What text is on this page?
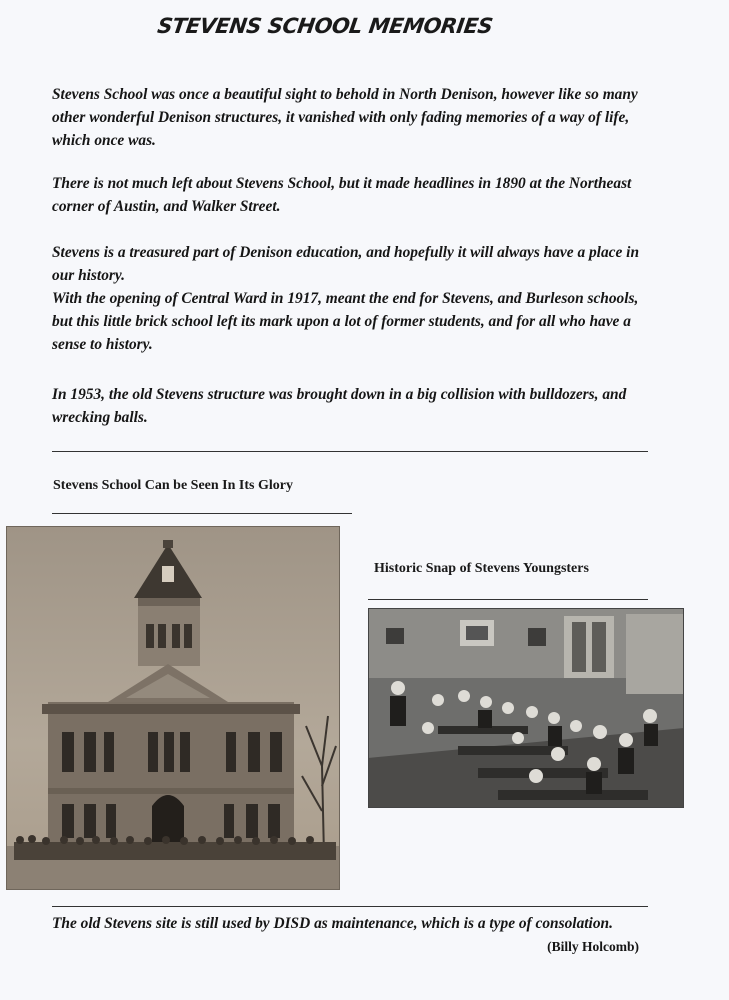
STEVENS SCHOOL MEMORIES

Stevens School was once a beautiful sight to behold in North Denison, however like so many other wonderful Denison structures, it vanished with only fading memories of a way of life, which once was.

There is not much left about Stevens School, but it made headlines in 1890 at the Northeast corner of Austin, and Walker Street.

Stevens is a treasured part of Denison education, and hopefully it will always have a place in our history.

With the opening of Central Ward in 1917, meant the end for Stevens, and Burleson schools, but this little brick school left its mark upon a lot of former students, and for all who have a sense to history.

In 1953, the old Stevens structure was brought down in a big collision with bulldozers, and wrecking balls.

Stevens School Can be Seen In Its Glory

Historic Snap of Stevens Youngsters

The old Stevens site is still used by DISD as maintenance, which is a type of consolation.

(Billy Holcomb)
